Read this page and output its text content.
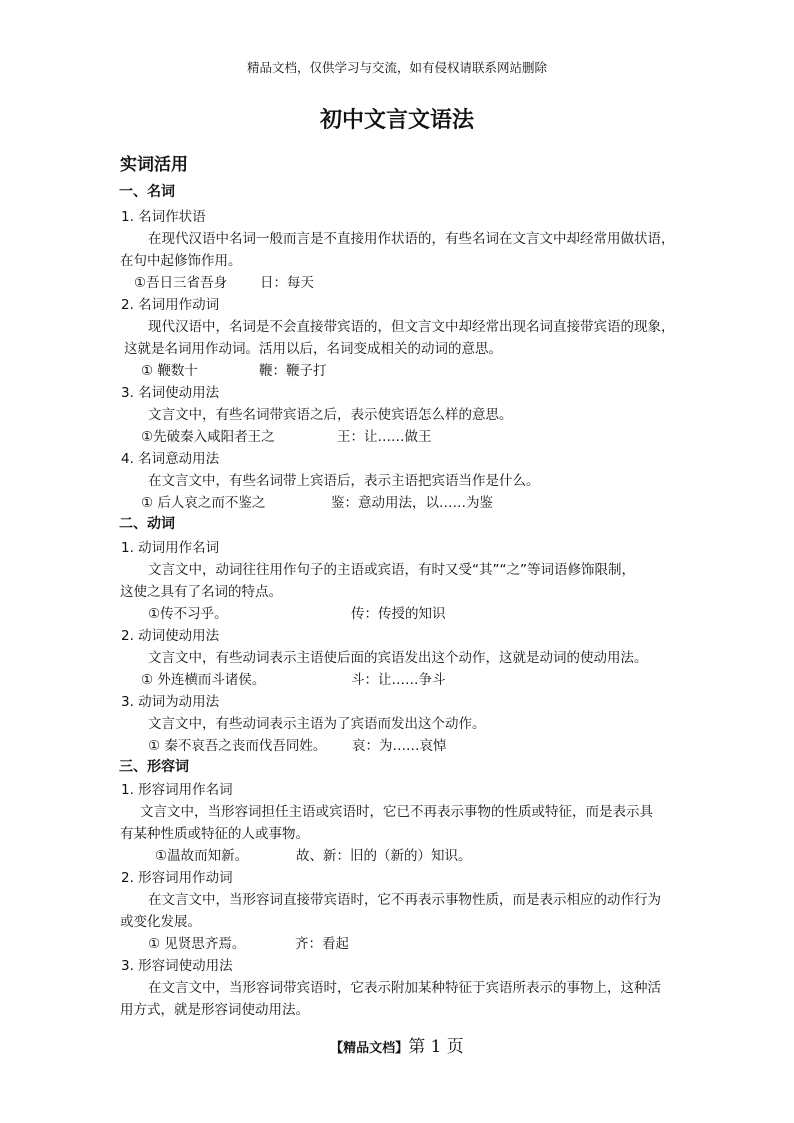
精品文档，仅供学习与交流，如有侵权请联系网站删除
初中文言文语法
实词活用
一、名词
1. 名词作状语
在现代汉语中名词一般而言是不直接用作状语的，有些名词在文言文中却经常用做状语，
在句中起修饰作用。
①吾日三省吾身 日：每天
2. 名词用作动词
现代汉语中，名词是不会直接带宾语的，但文言文中却经常出现名词直接带宾语的现象，
这就是名词用作动词。活用以后，名词变成相关的动词的意思。
① 鞭数十	鞭：鞭子打
3. 名词使动用法
文言文中，有些名词带宾语之后，表示使宾语怎么样的意思。
①先破秦入咸阳者王之	王：让……做王
4. 名词意动用法
在文言文中，有些名词带上宾语后，表示主语把宾语当作是什么。
① 后人哀之而不鉴之	鉴：意动用法，以……为鉴
二、动词
1. 动词用作名词
文言文中，动词往往用作句子的主语或宾语，有时又受“其”“之”等词语修饰限制，
这使之具有了名词的特点。
①传不习乎。	传：传授的知识
2. 动词使动用法
文言文中，有些动词表示主语使后面的宾语发出这个动作，这就是动词的使动用法。
① 外连横而斗诸侯。	斗：让……争斗
3. 动词为动用法
文言文中，有些动词表示主语为了宾语而发出这个动作。
① 秦不哀吾之丧而伐吾同姓。 哀：为……哀悼
三、形容词
1. 形容词用作名词
文言文中，当形容词担任主语或宾语时，它已不再表示事物的性质或特征，而是表示具
有某种性质或特征的人或事物。
①温故而知新。	故、新：旧的（新的）知识。
2. 形容词用作动词
在文言文中，当形容词直接带宾语时，它不再表示事物性质，而是表示相应的动作行为
或变化发展。
① 见贤思齐焉。	齐：看起
3. 形容词使动用法
在文言文中，当形容词带宾语时，它表示附加某种特征于宾语所表示的事物上，这种活
用方式，就是形容词使动用法。
【精品文档】第 1 页
